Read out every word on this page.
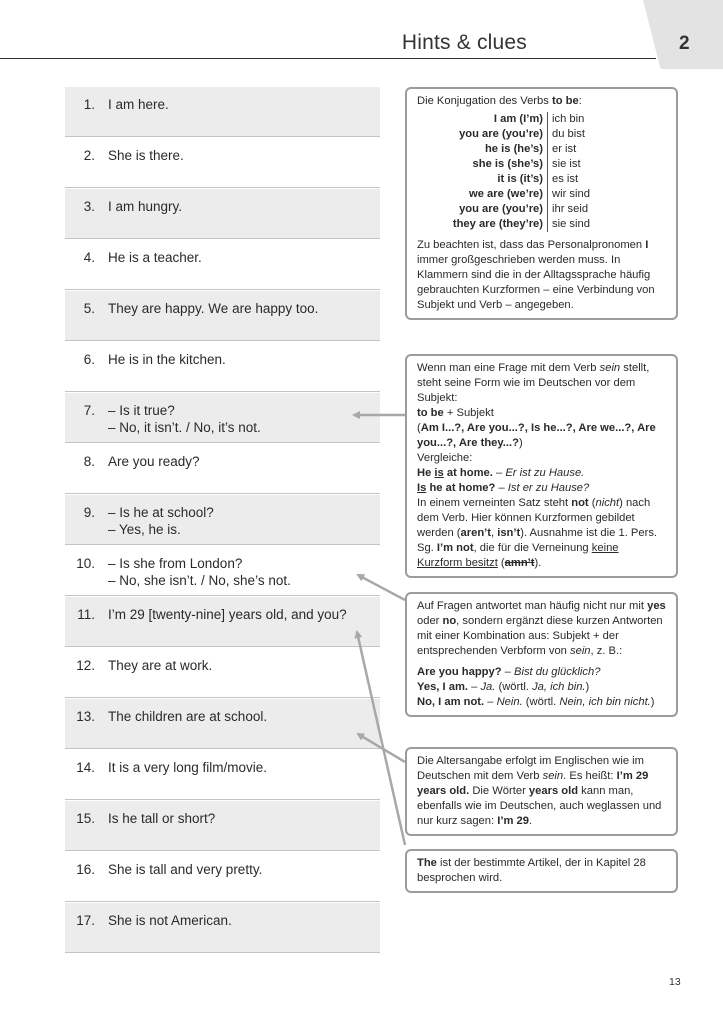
2
Hints & clues
1. I am here.
2. She is there.
3. I am hungry.
4. He is a teacher.
5. They are happy. We are happy too.
6. He is in the kitchen.
7. – Is it true?
– No, it isn’t. / No, it’s not.
8. Are you ready?
9. – Is he at school?
– Yes, he is.
10. – Is she from London?
– No, she isn’t. / No, she’s not.
11. I’m 29 [twenty-nine] years old, and you?
12. They are at work.
13. The children are at school.
14. It is a very long film/movie.
15. Is he tall or short?
16. She is tall and very pretty.
17. She is not American.

Die Konjugation des Verbs to be:

I am (I’m)	ich bin
you are (you’re)	du bist
he is (he’s)	er ist
she is (she’s)	sie ist
it is (it’s)	es ist
we are (we’re)	wir sind
you are (you’re)	ihr seid
they are (they’re)	sie sind

Zu beachten ist, dass das Personalpronomen I immer großgeschrieben werden muss. In Klammern sind die in der Alltagssprache häufig gebrauchten Kurzformen – eine Verbindung von Subjekt und Verb – angegeben.

Wenn man eine Frage mit dem Verb sein stellt, steht seine Form wie im Deutschen vor dem Subjekt:

to be + Subjekt

(Am I...?, Are you...?, Is he...?, Are we...?, Are you...?, Are they...?)

Vergleiche:

He is at home. – Er ist zu Hause.

Is he at home? – Ist er zu Hause?

In einem verneinten Satz steht not (nicht) nach dem Verb. Hier können Kurzformen gebildet werden (aren’t, isn’t). Ausnahme ist die 1. Pers. Sg. I’m not, die für die Verneinung keine Kurzform besitzt (amn’t).

Auf Fragen antwortet man häufig nicht nur mit yes oder no, sondern ergänzt diese kurzen Antworten mit einer Kombination aus: Subjekt + der entsprechenden Verbform von sein, z. B.:

Are you happy? – Bist du glücklich?

Yes, I am. – Ja. (wörtl. Ja, ich bin.)

No, I am not. – Nein. (wörtl. Nein, ich bin nicht.)

Die Altersangabe erfolgt im Englischen wie im Deutschen mit dem Verb sein. Es heißt: I’m 29 years old. Die Wörter years old kann man, ebenfalls wie im Deutschen, auch weglassen und nur kurz sagen: I’m 29.

The ist der bestimmte Artikel, der in Kapitel 28 besprochen wird.

13
